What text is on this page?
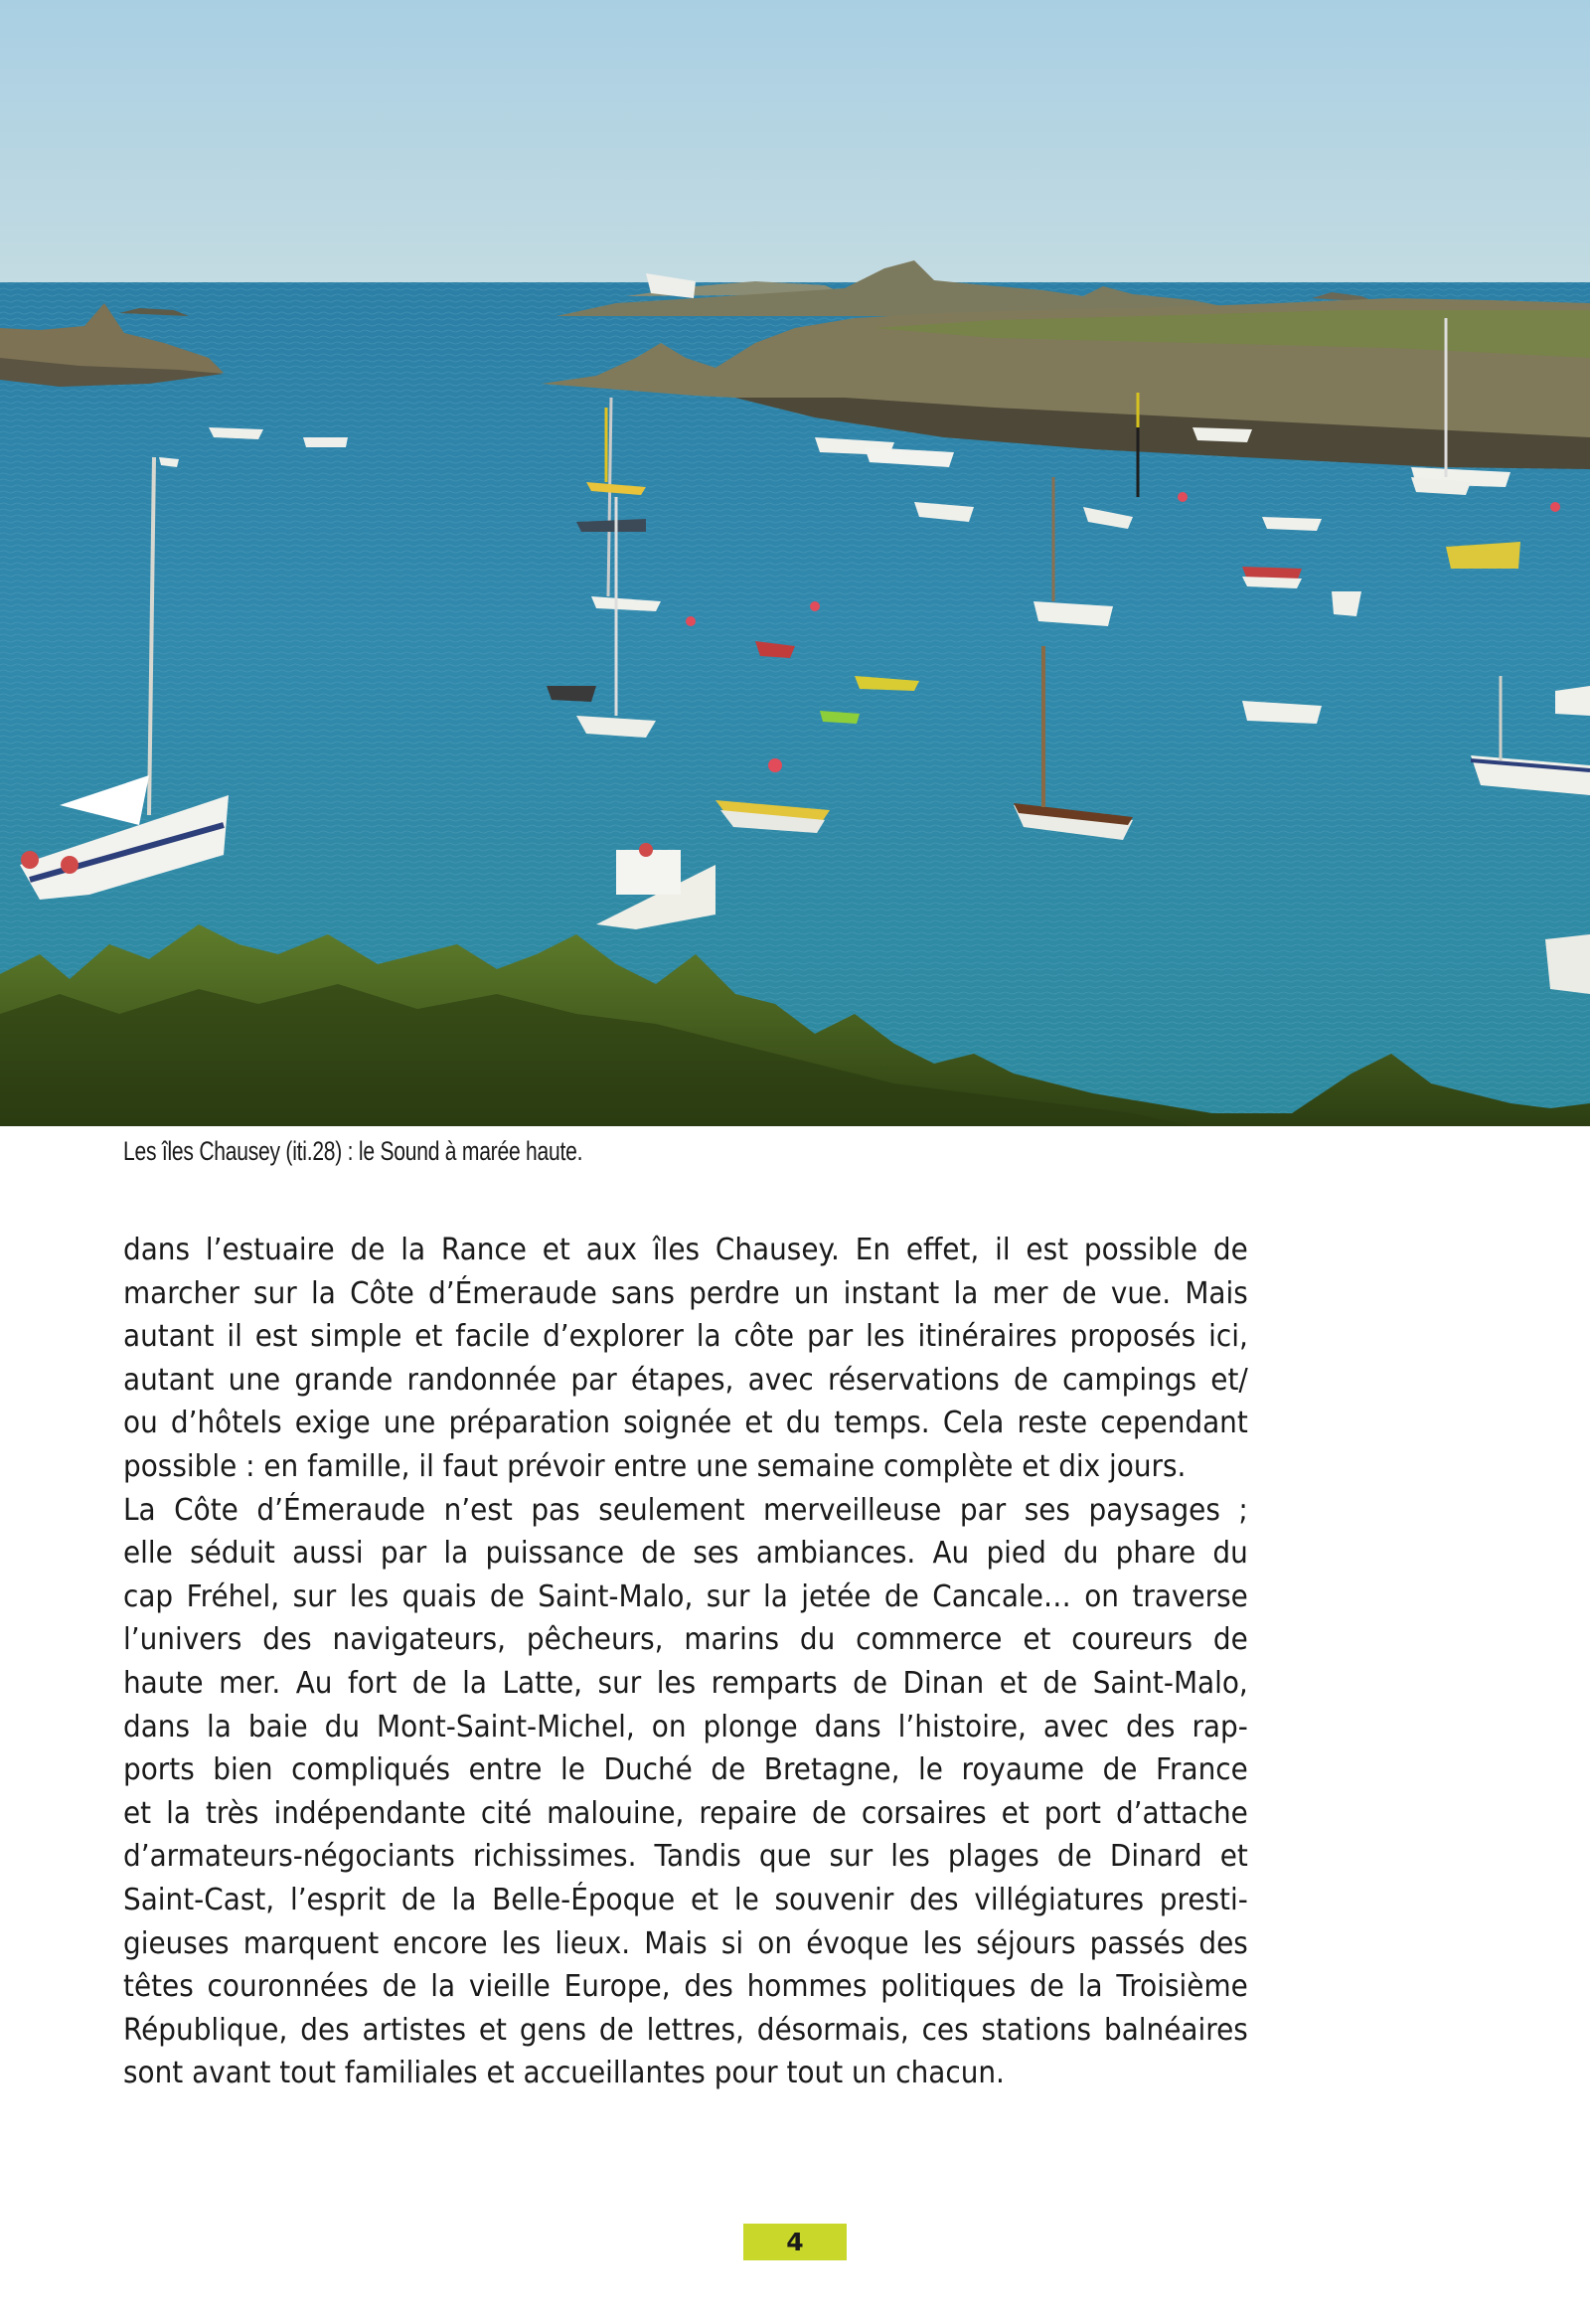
Les îles Chausey (iti.28) : le Sound à marée haute.
dans l’estuaire de la Rance et aux îles Chausey. En effet, il est possible de
marcher sur la Côte d’Émeraude sans perdre un instant la mer de vue. Mais
autant il est simple et facile d’explorer la côte par les itinéraires proposés ici,
autant une grande randonnée par étapes, avec réservations de campings et/
ou d’hôtels exige une préparation soignée et du temps. Cela reste cependant
possible : en famille, il faut prévoir entre une semaine complète et dix jours.
La Côte d’Émeraude n’est pas seulement merveilleuse par ses paysages ;
elle séduit aussi par la puissance de ses ambiances. Au pied du phare du
cap Fréhel, sur les quais de Saint-Malo, sur la jetée de Cancale… on traverse
l’univers des navigateurs, pêcheurs, marins du commerce et coureurs de
haute mer. Au fort de la Latte, sur les remparts de Dinan et de Saint-Malo,
dans la baie du Mont-Saint-Michel, on plonge dans l’histoire, avec des rap-
ports bien compliqués entre le Duché de Bretagne, le royaume de France
et la très indépendante cité malouine, repaire de corsaires et port d’attache
d’armateurs-négociants richissimes. Tandis que sur les plages de Dinard et
Saint-Cast, l’esprit de la Belle-Époque et le souvenir des villégiatures presti-
gieuses marquent encore les lieux. Mais si on évoque les séjours passés des
têtes couronnées de la vieille Europe, des hommes politiques de la Troisième
République, des artistes et gens de lettres, désormais, ces stations balnéaires
sont avant tout familiales et accueillantes pour tout un chacun.
4
